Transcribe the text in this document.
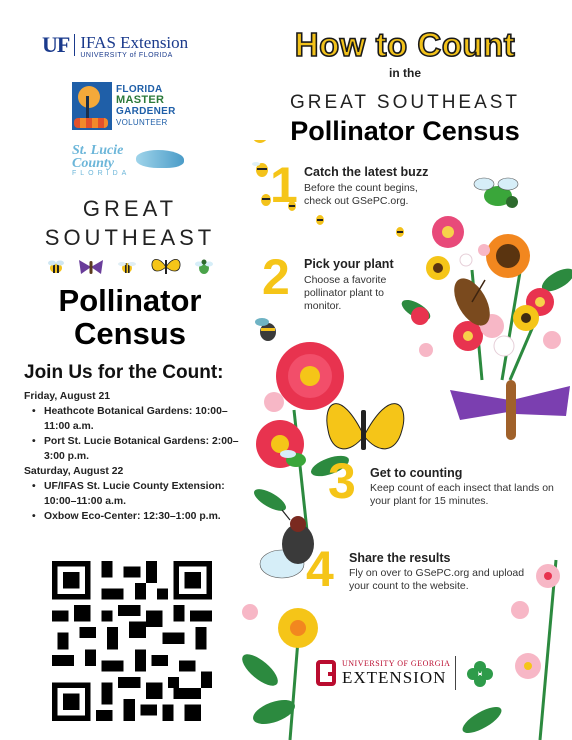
UF IFAS Extension
UNIVERSITY of FLORIDA
FLORIDA
MASTER
GARDENER
VOLUNTEER
St. Lucie
County
FLORIDA
GREAT
SOUTHEAST
Pollinator
Census
Join Us for the Count:
Friday, August 21
• Heathcote Botanical Gardens: 10:00–11:00 a.m.
• Port St. Lucie Botanical Gardens: 2:00–3:00 p.m.
Saturday, August 22
• UF/IFAS St. Lucie County Extension: 10:00–11:00 a.m.
• Oxbow Eco-Center: 12:30–1:00 p.m.
How to Count
in the
GREAT SOUTHEAST
Pollinator Census
1 Catch the latest buzz
Before the count begins, check out GSePC.org.
2 Pick your plant
Choose a favorite pollinator plant to monitor.
3 Get to counting
Keep count of each insect that lands on your plant for 15 minutes.
4 Share the results
Fly on over to GSePC.org and upload your count to the website.
UNIVERSITY OF GEORGIA
EXTENSION	H
